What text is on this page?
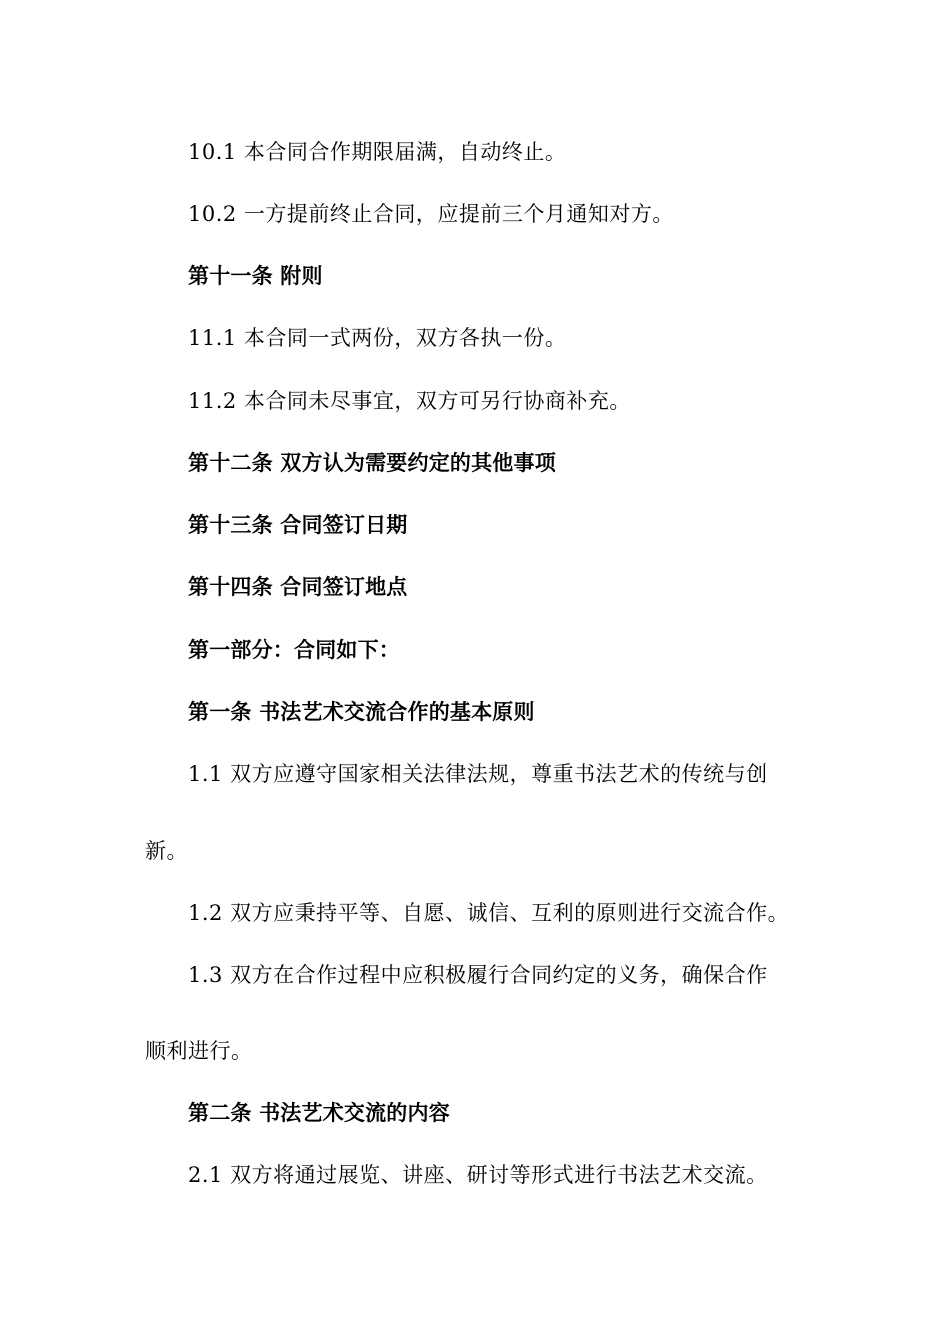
10.1 本合同合作期限届满，自动终止。
10.2 一方提前终止合同，应提前三个月通知对方。
第十一条 附则
11.1 本合同一式两份，双方各执一份。
11.2 本合同未尽事宜，双方可另行协商补充。
第十二条 双方认为需要约定的其他事项
第十三条 合同签订日期
第十四条 合同签订地点
第一部分：合同如下：
第一条 书法艺术交流合作的基本原则
1.1 双方应遵守国家相关法律法规，尊重书法艺术的传统与创
新。
1.2 双方应秉持平等、自愿、诚信、互利的原则进行交流合作。
1.3 双方在合作过程中应积极履行合同约定的义务，确保合作
顺利进行。
第二条 书法艺术交流的内容
2.1 双方将通过展览、讲座、研讨等形式进行书法艺术交流。
